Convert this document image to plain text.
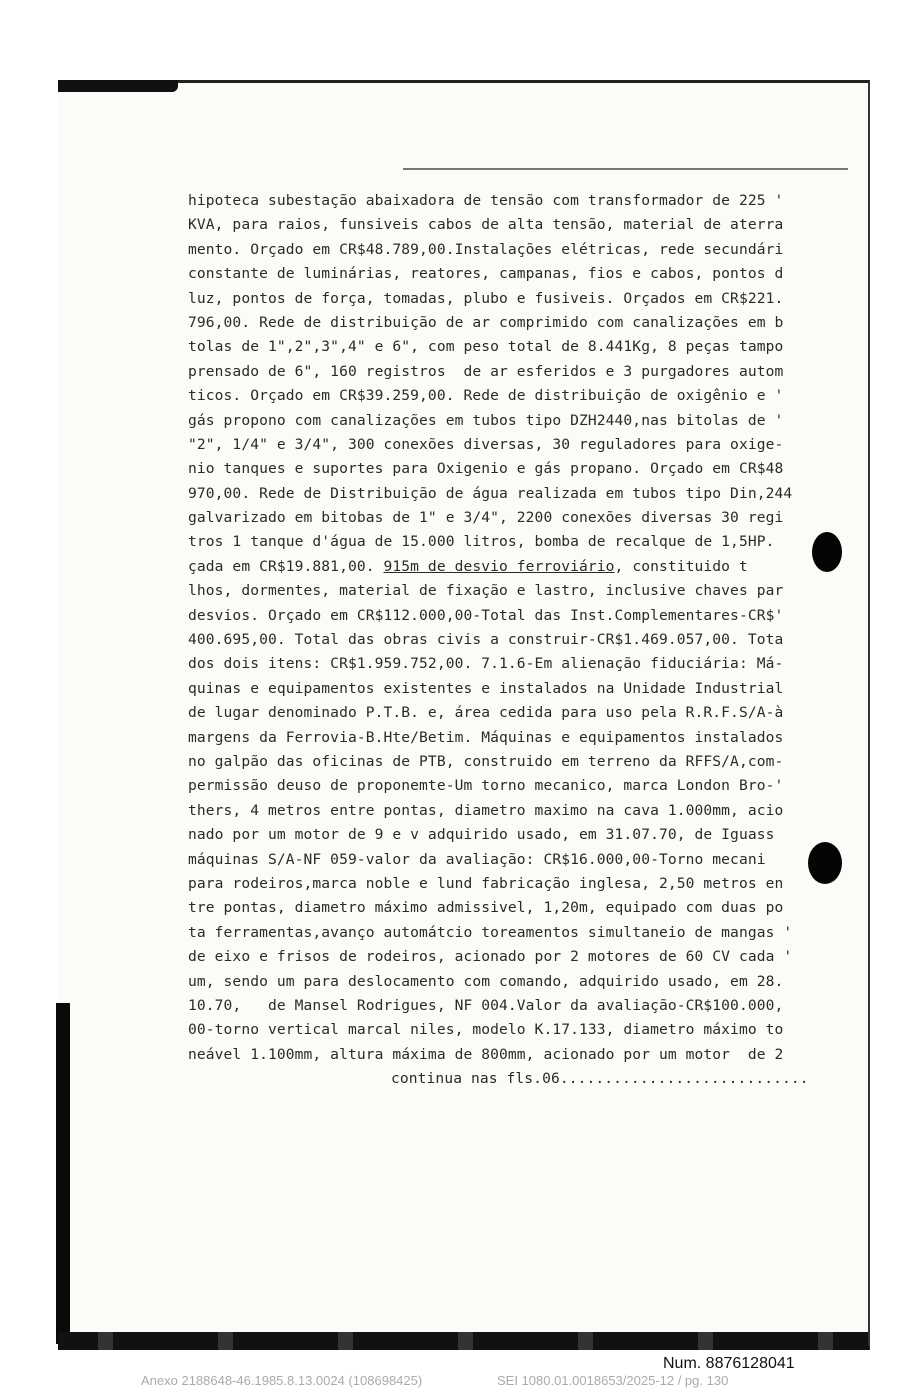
hipoteca subestação abaixadora de tensão com transformador de 225 '
KVA, para raios, funsiveis cabos de alta tensão, material de aterra
mento. Orçado em CR$48.789,00.Instalações elétricas, rede secundári
constante de luminárias, reatores, campanas, fios e cabos, pontos d
luz, pontos de força, tomadas, plubo e fusiveis. Orçados em CR$221.
796,00. Rede de distribuição de ar comprimido com canalizações em b
tolas de 1",2",3",4" e 6", com peso total de 8.441Kg, 8 peças tampo
prensado de 6", 160 registros  de ar esferidos e 3 purgadores autom
ticos. Orçado em CR$39.259,00. Rede de distribuição de oxigênio e '
gás propono com canalizações em tubos tipo DZH2440,nas bitolas de '
"2", 1/4" e 3/4", 300 conexões diversas, 30 reguladores para oxige-
nio tanques e suportes para Oxigenio e gás propano. Orçado em CR$48
970,00. Rede de Distribuição de água realizada em tubos tipo Din,244
galvarizado em bitobas de 1" e 3/4", 2200 conexões diversas 30 regi
tros 1 tanque d'água de 15.000 litros, bomba de recalque de 1,5HP.
çada em CR$19.881,00. 915m de desvio ferroviário, constituido t
lhos, dormentes, material de fixação e lastro, inclusive chaves par
desvios. Orçado em CR$112.000,00-Total das Inst.Complementares-CR$'
400.695,00. Total das obras civis a construir-CR$1.469.057,00. Tota
dos dois itens: CR$1.959.752,00. 7.1.6-Em alienação fiduciária: Má-
quinas e equipamentos existentes e instalados na Unidade Industrial
de lugar denominado P.T.B. e, área cedida para uso pela R.R.F.S/A-à
margens da Ferrovia-B.Hte/Betim. Máquinas e equipamentos instalados
no galpão das oficinas de PTB, construido em terreno da RFFS/A,com-
permissão deuso de proponemte-Um torno mecanico, marca London Bro-'
thers, 4 metros entre pontas, diametro maximo na cava 1.000mm, acio
nado por um motor de 9 e v adquirido usado, em 31.07.70, de Iguass
máquinas S/A-NF 059-valor da avaliação: CR$16.000,00-Torno mecani
para rodeiros,marca noble e lund fabricação inglesa, 2,50 metros en
tre pontas, diametro máximo admissivel, 1,20m, equipado com duas po
ta ferramentas,avanço automátcio toreamentos simultaneio de mangas '
de eixo e frisos de rodeiros, acionado por 2 motores de 60 CV cada '
um, sendo um para deslocamento com comando, adquirido usado, em 28.
10.70,   de Mansel Rodrigues, NF 004.Valor da avaliação-CR$100.000,
00-torno vertical marcal niles, modelo K.17.133, diametro máximo to
neável 1.100mm, altura máxima de 800mm, acionado por um motor  de 2
continua nas fls.06............................
Num. 8876128041
Anexo 2188648-46.1985.8.13.0024 (108698425)	SEI 1080.01.0018653/2025-12 / pg. 130
